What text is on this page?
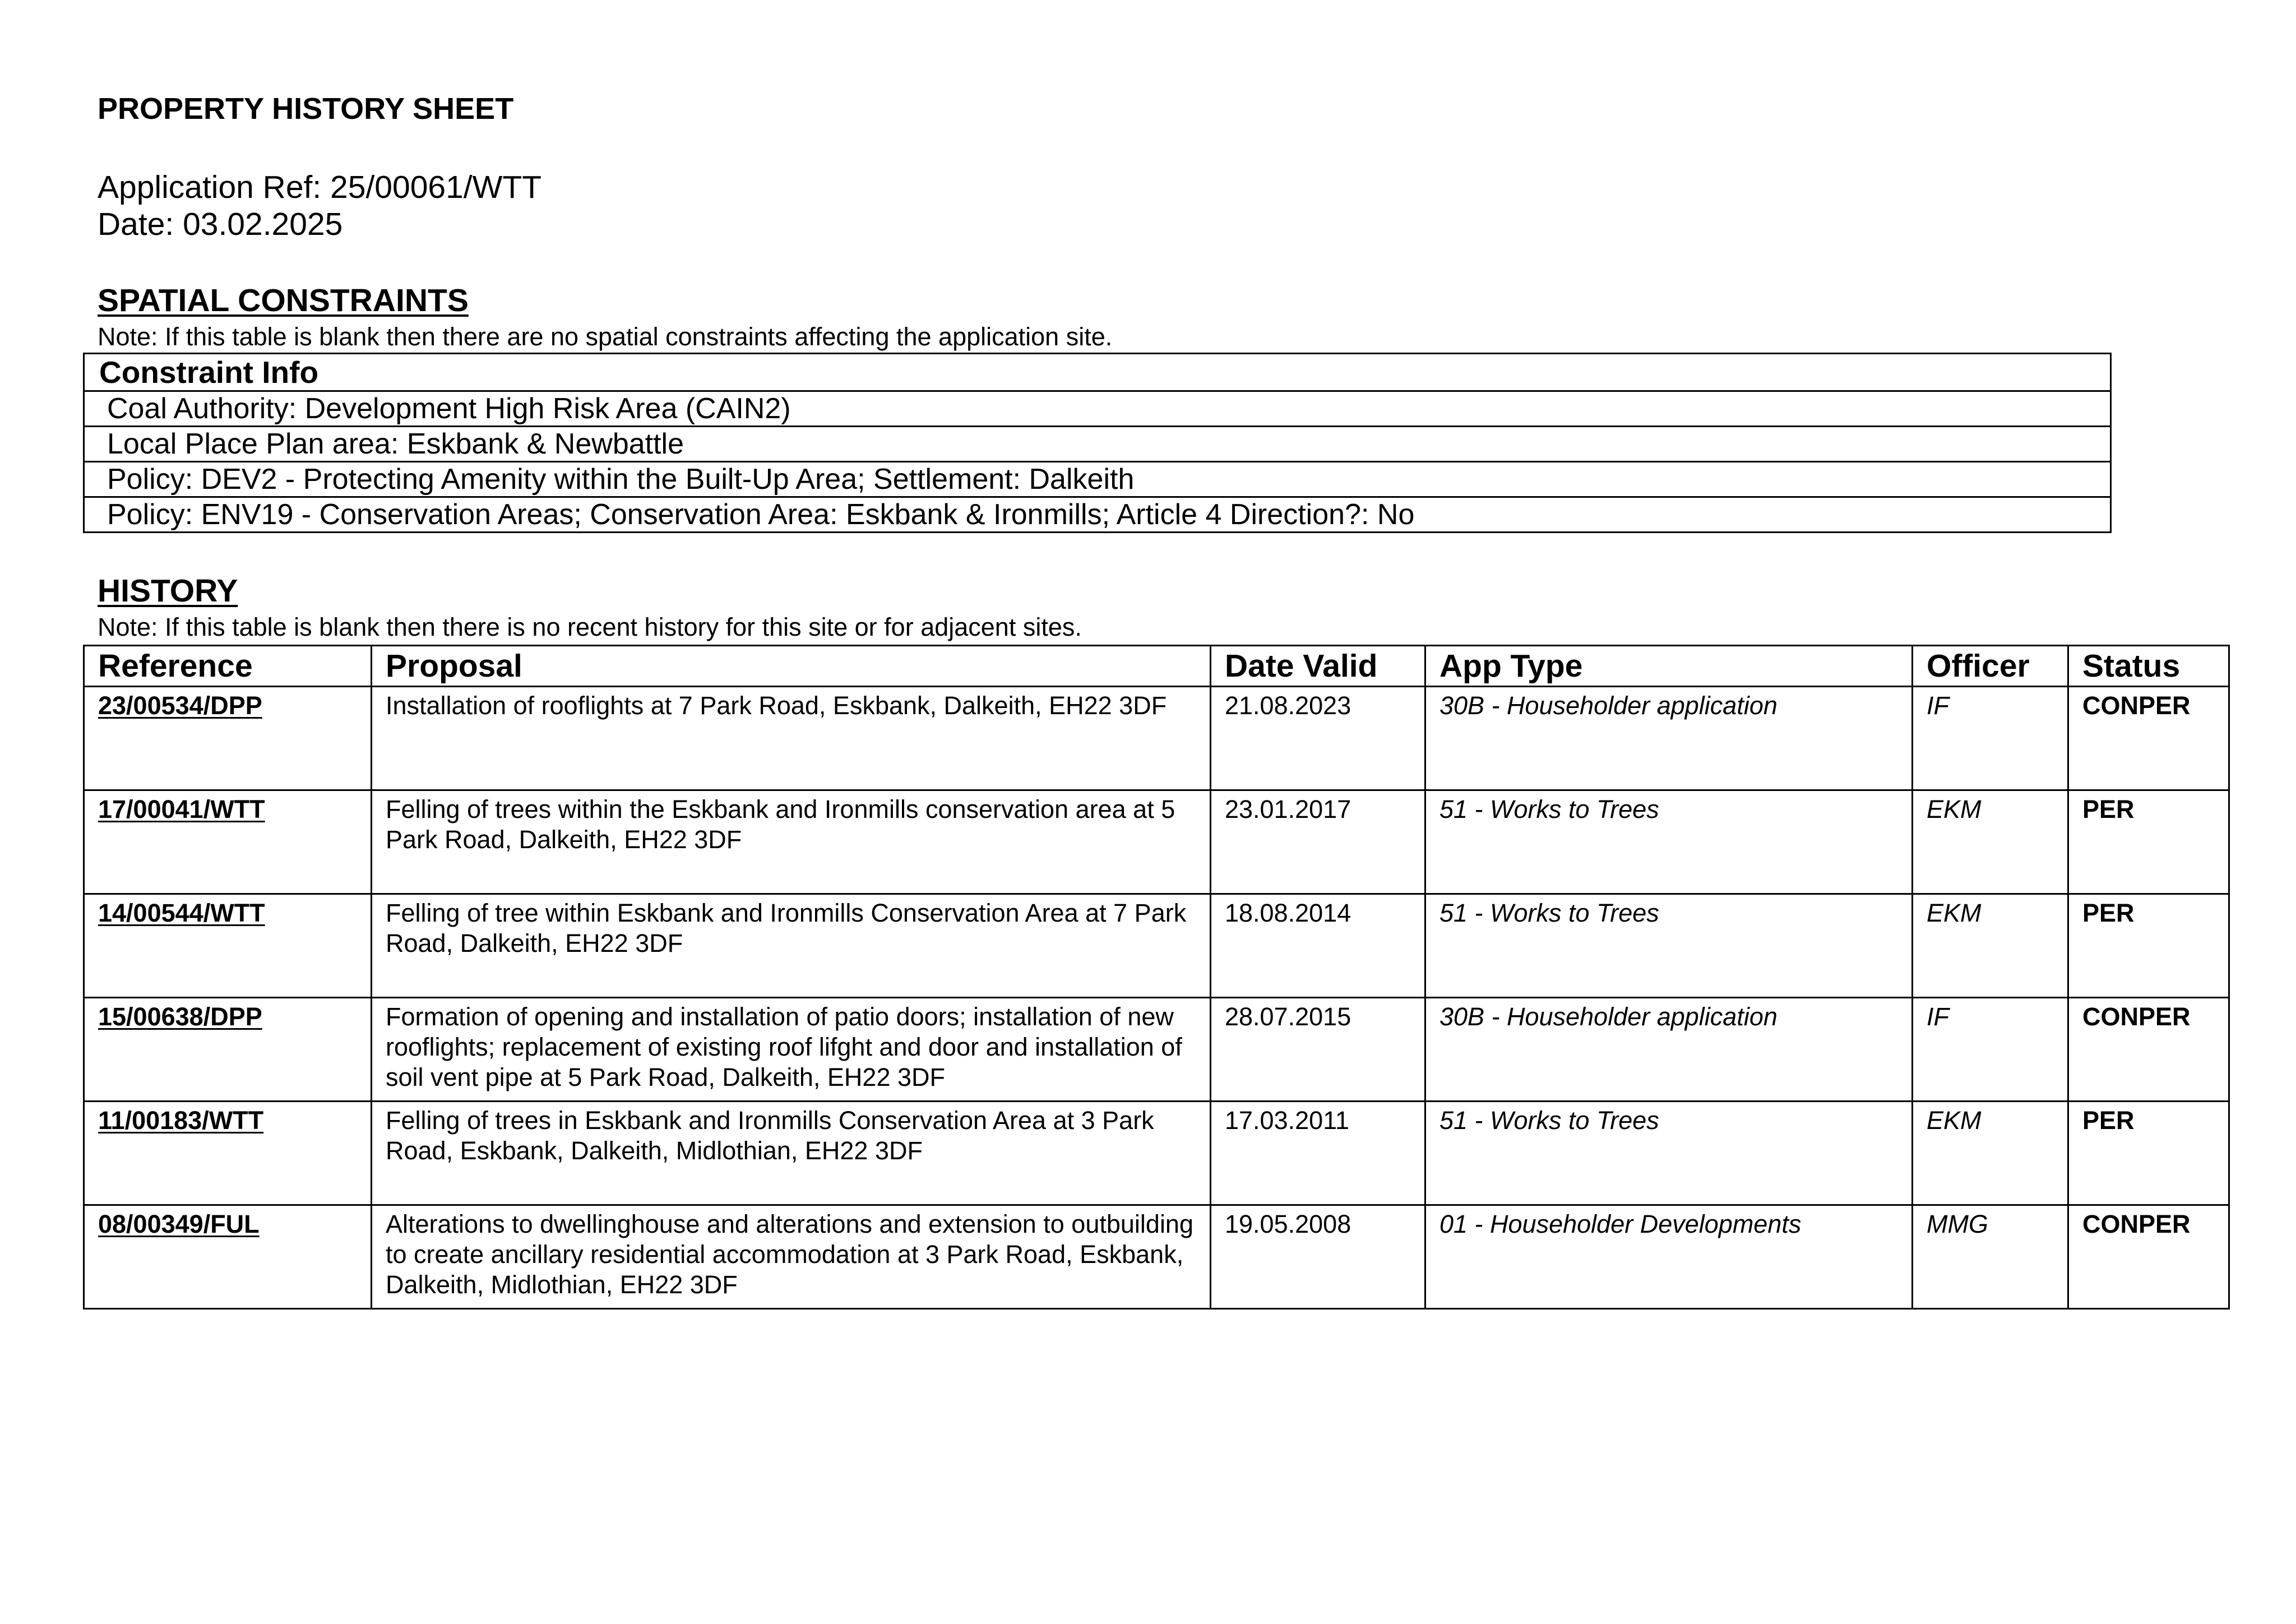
PROPERTY HISTORY SHEET
Application Ref: 25/00061/WTT
Date: 03.02.2025
SPATIAL CONSTRAINTS
Note: If this table is blank then there are no spatial constraints affecting the application site.
Constraint Info
Coal Authority: Development High Risk Area (CAIN2)
Local Place Plan area: Eskbank & Newbattle
Policy: DEV2 - Protecting Amenity within the Built-Up Area; Settlement: Dalkeith
Policy: ENV19 - Conservation Areas; Conservation Area: Eskbank & Ironmills; Article 4 Direction?: No
HISTORY
Note: If this table is blank then there is no recent history for this site or for adjacent sites.
Reference	Proposal	Date Valid	App Type	Officer	Status
23/00534/DPP	Installation of rooflights at 7 Park Road, Eskbank, Dalkeith, EH22 3DF	21.08.2023	30B - Householder application	IF	CONPER
17/00041/WTT	Felling of trees within the Eskbank and Ironmills conservation area at 5 Park Road, Dalkeith, EH22 3DF	23.01.2017	51 - Works to Trees	EKM	PER
14/00544/WTT	Felling of tree within Eskbank and Ironmills Conservation Area at 7 Park Road, Dalkeith, EH22 3DF	18.08.2014	51 - Works to Trees	EKM	PER
15/00638/DPP	Formation of opening and installation of patio doors; installation of new rooflights; replacement of existing roof lifght and door and installation of soil vent pipe at 5 Park Road, Dalkeith, EH22 3DF	28.07.2015	30B - Householder application	IF	CONPER
11/00183/WTT	Felling of trees in Eskbank and Ironmills Conservation Area at 3 Park Road, Eskbank, Dalkeith, Midlothian, EH22 3DF	17.03.2011	51 - Works to Trees	EKM	PER
08/00349/FUL	Alterations to dwellinghouse and alterations and extension to outbuilding to create ancillary residential accommodation at 3 Park Road, Eskbank, Dalkeith, Midlothian, EH22 3DF	19.05.2008	01 - Householder Developments	MMG	CONPER
